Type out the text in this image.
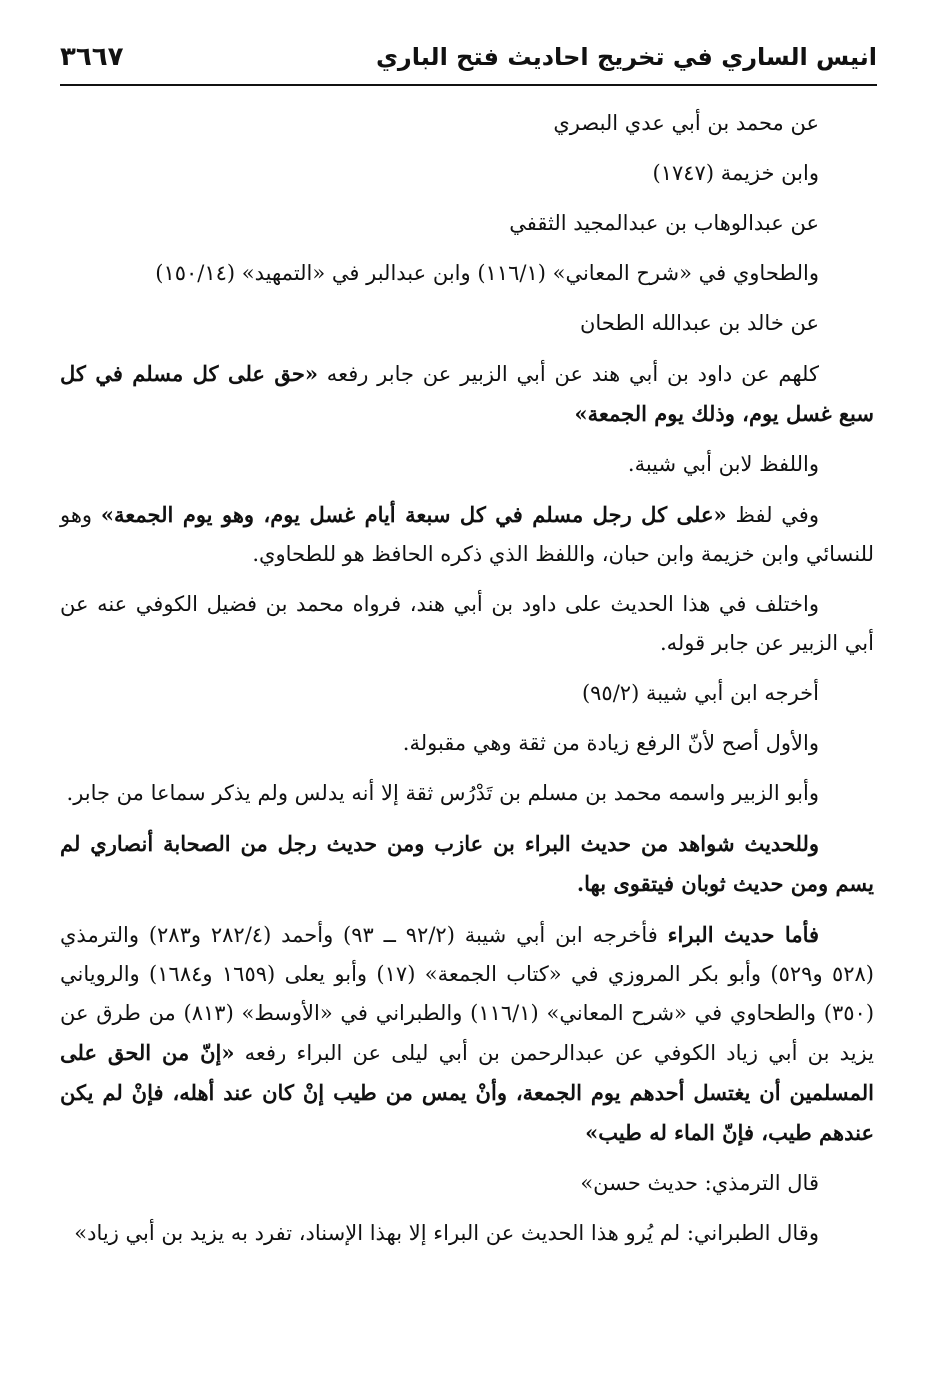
انيس الساري في تخريج احاديث فتح الباري
٣٦٦٧

عن محمد بن أبي عدي البصري

وابن خزيمة (١٧٤٧)

عن عبدالوهاب بن عبدالمجيد الثقفي

والطحاوي في «شرح المعاني» (١١٦/١) وابن عبدالبر في «التمهيد» (١٥٠/١٤)

عن خالد بن عبدالله الطحان

كلهم عن داود بن أبي هند عن أبي الزبير عن جابر رفعه «حق على كل مسلم في كل سبع غسل يوم، وذلك يوم الجمعة»

واللفظ لابن أبي شيبة.

وفي لفظ «على كل رجل مسلم في كل سبعة أيام غسل يوم، وهو يوم الجمعة» وهو للنسائي وابن خزيمة وابن حبان، واللفظ الذي ذكره الحافظ هو للطحاوي.

واختلف في هذا الحديث على داود بن أبي هند، فرواه محمد بن فضيل الكوفي عنه عن أبي الزبير عن جابر قوله.

أخرجه ابن أبي شيبة (٩٥/٢)

والأول أصح لأنّ الرفع زيادة من ثقة وهي مقبولة.

وأبو الزبير واسمه محمد بن مسلم بن تَدْرُس ثقة إلا أنه يدلس ولم يذكر سماعا من جابر.

وللحديث شواهد من حديث البراء بن عازب ومن حديث رجل من الصحابة أنصاري لم يسم ومن حديث ثوبان فيتقوى بها.

فأما حديث البراء فأخرجه ابن أبي شيبة (٩٢/٢ ــ ٩٣) وأحمد (٢٨٢/٤ و٢٨٣) والترمذي (٥٢٨ و٥٢٩) وأبو بكر المروزي في «كتاب الجمعة» (١٧) وأبو يعلى (١٦٥٩ و١٦٨٤) والروياني (٣٥٠) والطحاوي في «شرح المعاني» (١١٦/١) والطبراني في «الأوسط» (٨١٣) من طرق عن يزيد بن أبي زياد الكوفي عن عبدالرحمن بن أبي ليلى عن البراء رفعه «إنّ من الحق على المسلمين أن يغتسل أحدهم يوم الجمعة، وأنْ يمس من طيب إنْ كان عند أهله، فإنْ لم يكن عندهم طيب، فإنّ الماء له طيب»

قال الترمذي: حديث حسن»

وقال الطبراني: لم يُرو هذا الحديث عن البراء إلا بهذا الإسناد، تفرد به يزيد بن أبي زياد»
